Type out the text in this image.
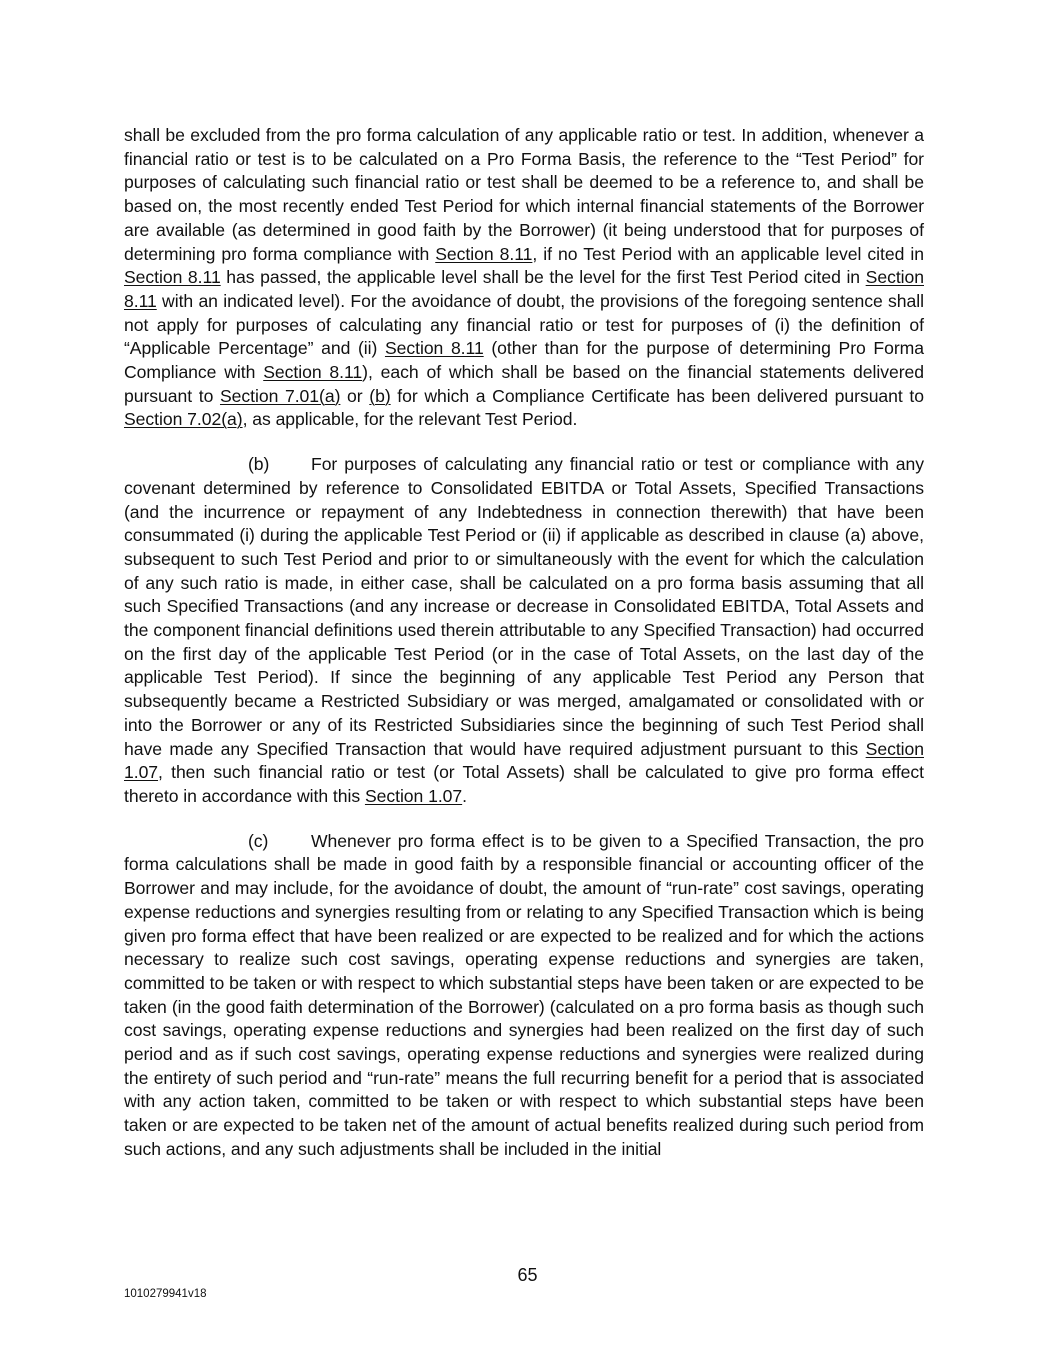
shall be excluded from the pro forma calculation of any applicable ratio or test. In addition, whenever a financial ratio or test is to be calculated on a Pro Forma Basis, the reference to the “Test Period” for purposes of calculating such financial ratio or test shall be deemed to be a reference to, and shall be based on, the most recently ended Test Period for which internal financial statements of the Borrower are available (as determined in good faith by the Borrower) (it being understood that for purposes of determining pro forma compliance with Section 8.11, if no Test Period with an applicable level cited in Section 8.11 has passed, the applicable level shall be the level for the first Test Period cited in Section 8.11 with an indicated level). For the avoidance of doubt, the provisions of the foregoing sentence shall not apply for purposes of calculating any financial ratio or test for purposes of (i) the definition of “Applicable Percentage” and (ii) Section 8.11 (other than for the purpose of determining Pro Forma Compliance with Section 8.11), each of which shall be based on the financial statements delivered pursuant to Section 7.01(a) or (b) for which a Compliance Certificate has been delivered pursuant to Section 7.02(a), as applicable, for the relevant Test Period.

(b) For purposes of calculating any financial ratio or test or compliance with any covenant determined by reference to Consolidated EBITDA or Total Assets, Specified Transactions (and the incurrence or repayment of any Indebtedness in connection therewith) that have been consummated (i) during the applicable Test Period or (ii) if applicable as described in clause (a) above, subsequent to such Test Period and prior to or simultaneously with the event for which the calculation of any such ratio is made, in either case, shall be calculated on a pro forma basis assuming that all such Specified Transactions (and any increase or decrease in Consolidated EBITDA, Total Assets and the component financial definitions used therein attributable to any Specified Transaction) had occurred on the first day of the applicable Test Period (or in the case of Total Assets, on the last day of the applicable Test Period). If since the beginning of any applicable Test Period any Person that subsequently became a Restricted Subsidiary or was merged, amalgamated or consolidated with or into the Borrower or any of its Restricted Subsidiaries since the beginning of such Test Period shall have made any Specified Transaction that would have required adjustment pursuant to this Section 1.07, then such financial ratio or test (or Total Assets) shall be calculated to give pro forma effect thereto in accordance with this Section 1.07.

(c) Whenever pro forma effect is to be given to a Specified Transaction, the pro forma calculations shall be made in good faith by a responsible financial or accounting officer of the Borrower and may include, for the avoidance of doubt, the amount of “run-rate” cost savings, operating expense reductions and synergies resulting from or relating to any Specified Transaction which is being given pro forma effect that have been realized or are expected to be realized and for which the actions necessary to realize such cost savings, operating expense reductions and synergies are taken, committed to be taken or with respect to which substantial steps have been taken or are expected to be taken (in the good faith determination of the Borrower) (calculated on a pro forma basis as though such cost savings, operating expense reductions and synergies had been realized on the first day of such period and as if such cost savings, operating expense reductions and synergies were realized during the entirety of such period and “run-rate” means the full recurring benefit for a period that is associated with any action taken, committed to be taken or with respect to which substantial steps have been taken or are expected to be taken net of the amount of actual benefits realized during such period from such actions, and any such adjustments shall be included in the initial

65
1010279941v18
